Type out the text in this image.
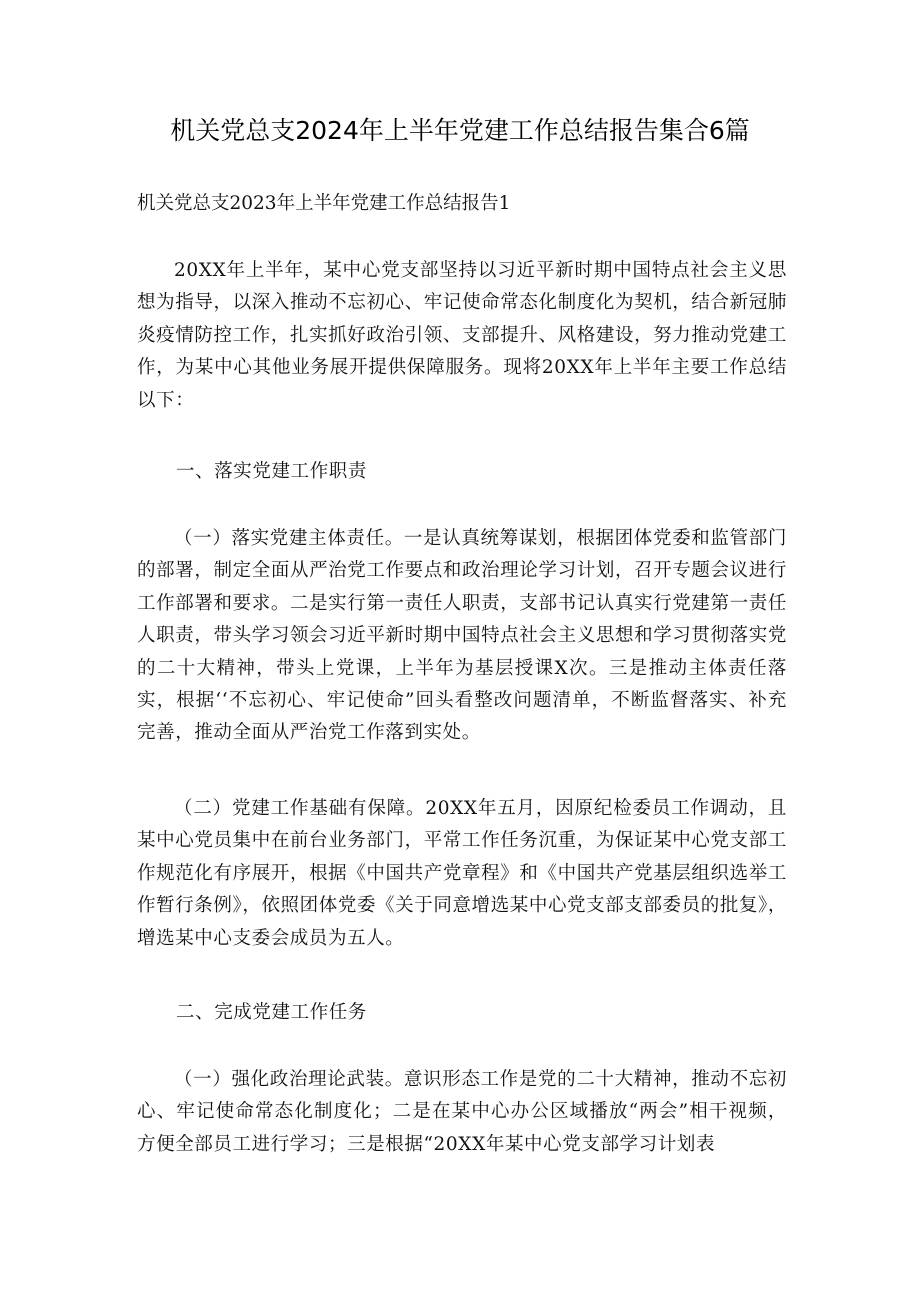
机关党总支2024年上半年党建工作总结报告集合6篇
机关党总支2023年上半年党建工作总结报告1

20XX年上半年，某中心党支部坚持以习近平新时期中国特点社会主义思想为指导，以深入推动不忘初心、牢记使命常态化制度化为契机，结合新冠肺炎疫情防控工作，扎实抓好政治引领、支部提升、风格建设，努力推动党建工作，为某中心其他业务展开提供保障服务。现将20XX年上半年主要工作总结以下：

一、落实党建工作职责

（一）落实党建主体责任。一是认真统筹谋划，根据团体党委和监管部门的部署，制定全面从严治党工作要点和政治理论学习计划，召开专题会议进行工作部署和要求。二是实行第一责任人职责，支部书记认真实行党建第一责任人职责，带头学习领会习近平新时期中国特点社会主义思想和学习贯彻落实党的二十大精神，带头上党课，上半年为基层授课X次。三是推动主体责任落实，根据‘‘不忘初心、牢记使命”回头看整改问题清单，不断监督落实、补充完善，推动全面从严治党工作落到实处。

（二）党建工作基础有保障。20XX年五月，因原纪检委员工作调动，且某中心党员集中在前台业务部门，平常工作任务沉重，为保证某中心党支部工作规范化有序展开，根据《中国共产党章程》和《中国共产党基层组织选举工作暂行条例》，依照团体党委《关于同意增选某中心党支部支部委员的批复》，增选某中心支委会成员为五人。

二、完成党建工作任务

（一）强化政治理论武装。意识形态工作是党的二十大精神，推动不忘初心、牢记使命常态化制度化；二是在某中心办公区域播放“两会”相干视频，方便全部员工进行学习；三是根据“20XX年某中心党支部学习计划表
